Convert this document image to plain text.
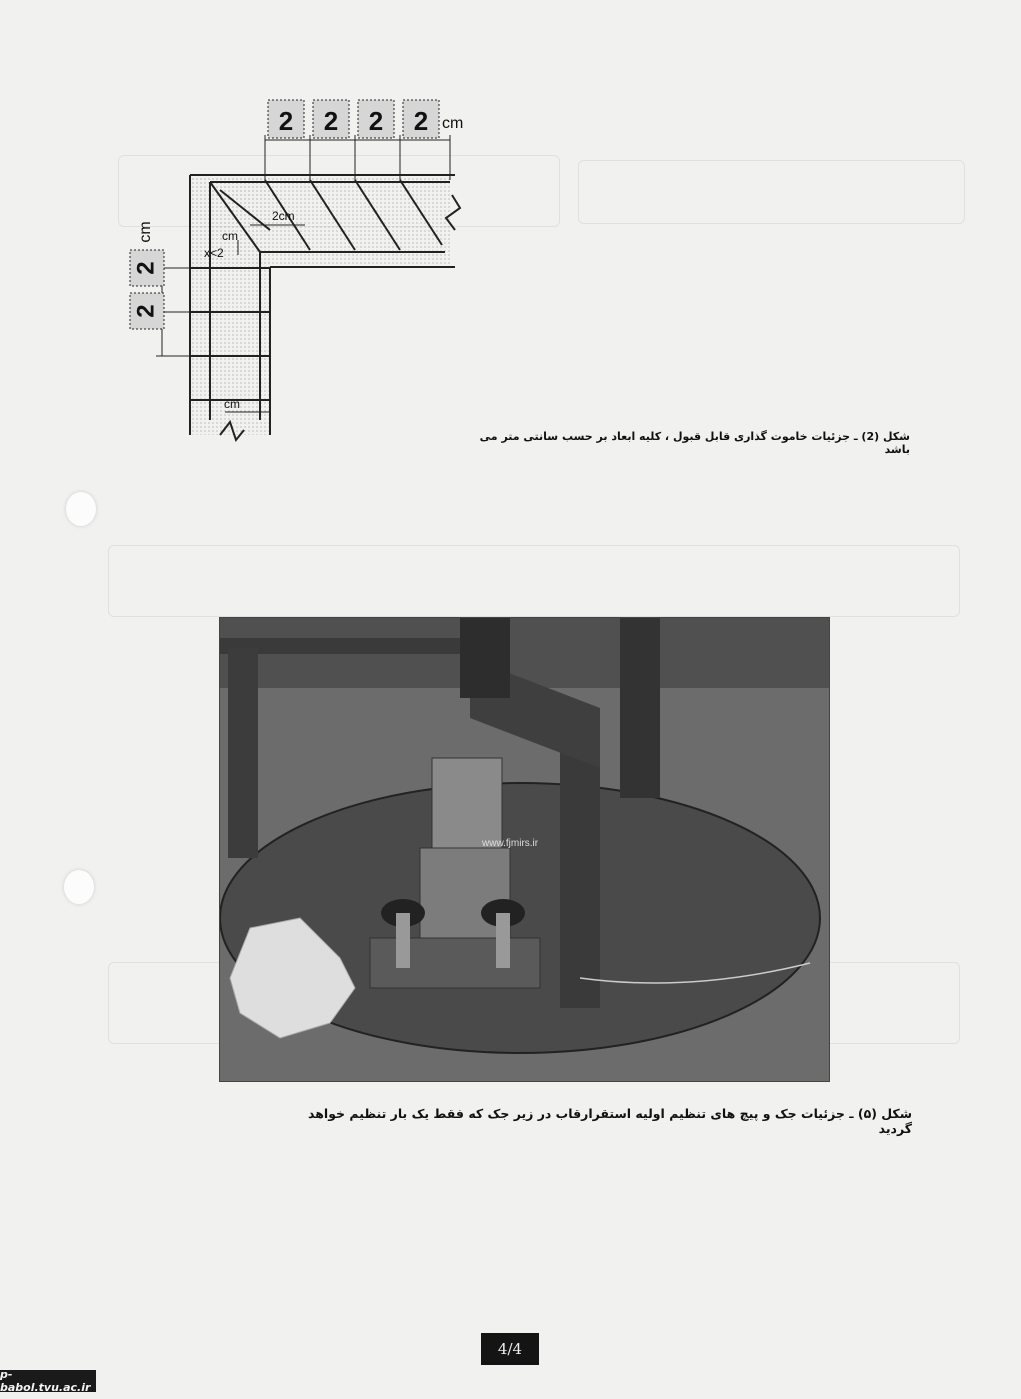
2 2 2 2 cm
2
2
cm
2cm
cm
x<2
cm
شکل (2) ـ جزئیات خاموت گذاری قابل قبول ، کلیه ابعاد بر حسب سانتی متر می باشد
www.fjmirs.ir
شکل (۵) ـ جزئیات جک و پیچ های تنظیم اولیه استقرارقاب در زیر جک که فقط یک بار تنظیم خواهد گردید
4/4
p-babol.tvu.ac.ir
